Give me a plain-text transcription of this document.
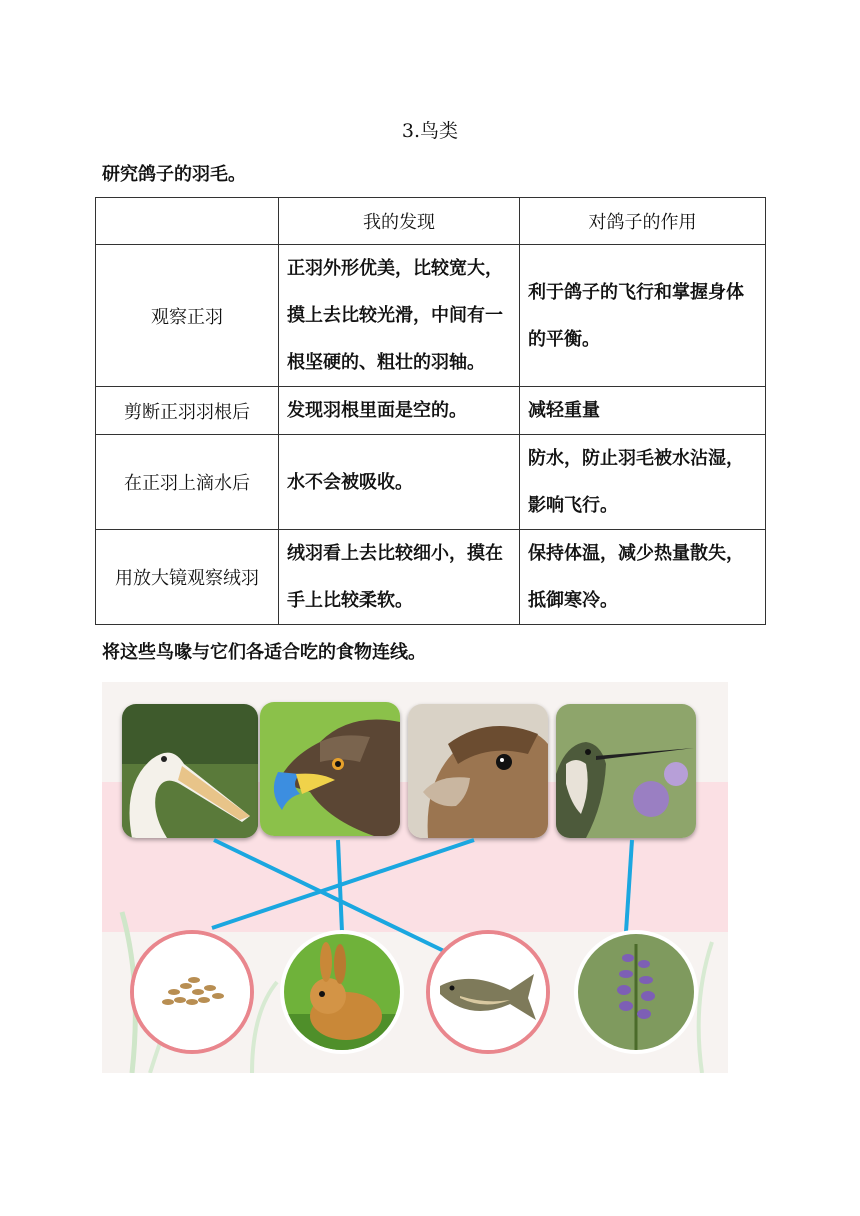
3.鸟类
研究鸽子的羽毛。
	我的发现	对鸽子的作用
观察正羽	正羽外形优美，比较宽大，摸上去比较光滑，中间有一根坚硬的、粗壮的羽轴。	利于鸽子的飞行和掌握身体的平衡。
剪断正羽羽根后	发现羽根里面是空的。	减轻重量
在正羽上滴水后	水不会被吸收。	防水，防止羽毛被水沾湿，影响飞行。
用放大镜观察绒羽	绒羽看上去比较细小，摸在手上比较柔软。	保持体温，减少热量散失，抵御寒冷。
将这些鸟喙与它们各适合吃的食物连线。
